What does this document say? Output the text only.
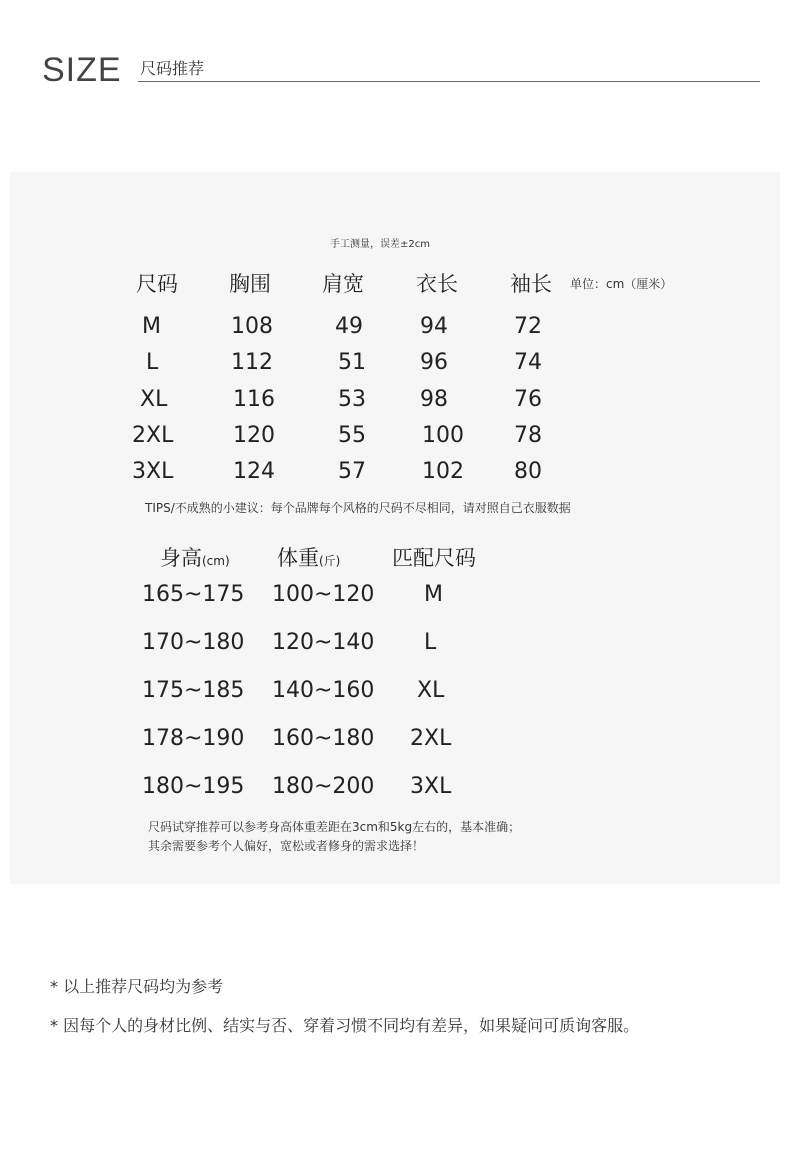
SIZE 尺码推荐
手工测量，误差±2cm
尺码 胸围 肩宽 衣长 袖长 单位：cm（厘米）
M	108	49	94	72
L	112	51 96	74
XL	116	53 98	76
2XL	120	55	100 78
3XL	124	57	102 80
TIPS/不成熟的小建议：每个品牌每个风格的尺码不尽相同，请对照自己衣服数据
身高(cm) 体重(斤) 匹配尺码
165~175 100~120 M
170~180 120~140 L
175~185 140~160 XL
178~190 160~180 2XL
180~195 180~200 3XL
尺码试穿推荐可以参考身高体重差距在3cm和5kg左右的，基本准确；
其余需要参考个人偏好，宽松或者修身的需求选择！
* 以上推荐尺码均为参考
* 因每个人的身材比例、结实与否、穿着习惯不同均有差异，如果疑问可质询客服。
